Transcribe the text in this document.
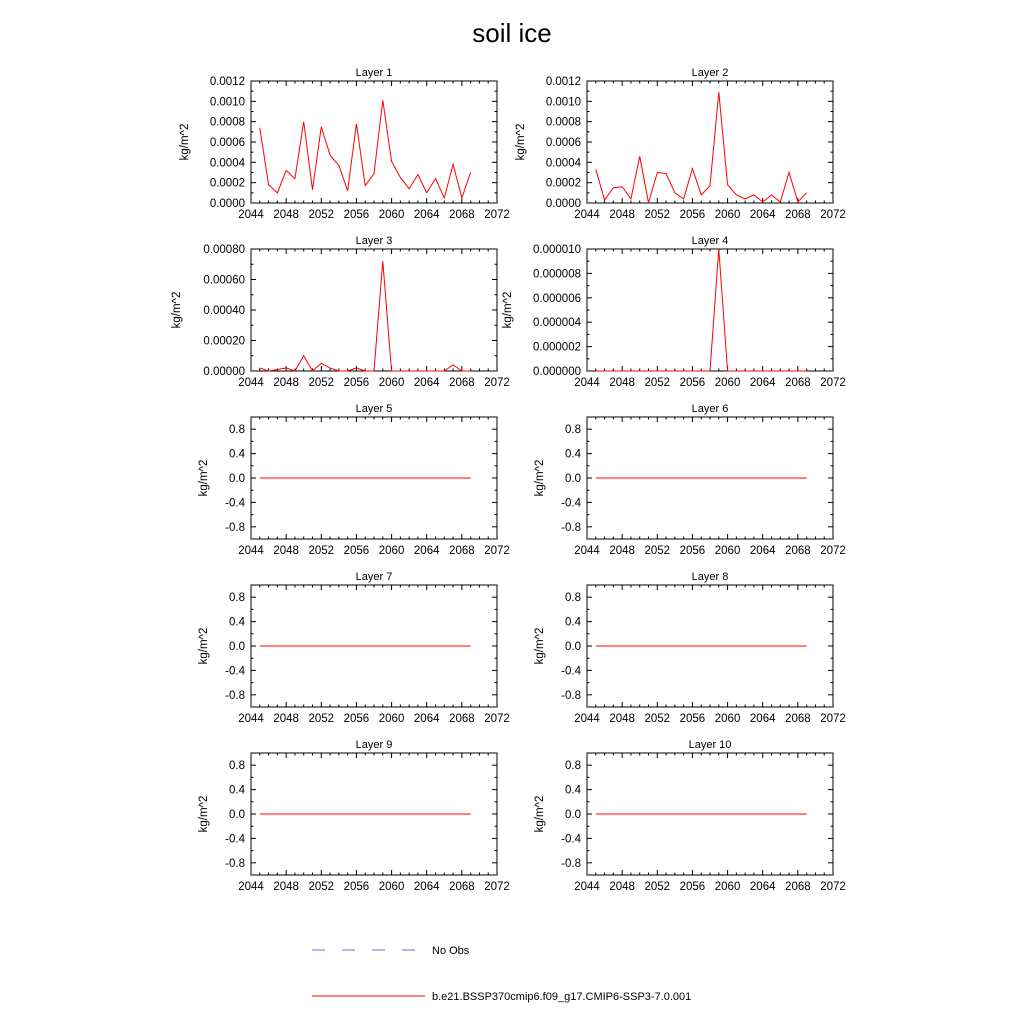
soil ice
Layer 1
2044 2048 2052 2056 2060 2064 2068 2072
0.0000
0.0002
0.0004
0.0006
0.0008
0.0010
0.0012
kg/m^2
Layer 2
2044 2048 2052 2056 2060 2064 2068 2072
0.0000
0.0002
0.0004
0.0006
0.0008
0.0010
0.0012
kg/m^2
Layer 3
2044 2048 2052 2056 2060 2064 2068 2072
0.00000
0.00020
0.00040
0.00060
0.00080
kg/m^2
Layer 4
2044 2048 2052 2056 2060 2064 2068 2072
0.000000
0.000002
0.000004
0.000006
0.000008
0.000010
kg/m^2
Layer 5
2044 2048 2052 2056 2060 2064 2068 2072
-0.8
-0.4
0.0
0.4
0.8
kg/m^2
Layer 6
2044 2048 2052 2056 2060 2064 2068 2072
-0.8
-0.4
0.0
0.4
0.8
kg/m^2
Layer 7
2044 2048 2052 2056 2060 2064 2068 2072
-0.8
-0.4
0.0
0.4
0.8
kg/m^2
Layer 8
2044 2048 2052 2056 2060 2064 2068 2072
-0.8
-0.4
0.0
0.4
0.8
kg/m^2
Layer 9
2044 2048 2052 2056 2060 2064 2068 2072
-0.8
-0.4
0.0
0.4
0.8
kg/m^2
Layer 10
2044 2048 2052 2056 2060 2064 2068 2072
-0.8
-0.4
0.0
0.4
0.8
kg/m^2
No Obs
b.e21.BSSP370cmip6.f09_g17.CMIP6-SSP3-7.0.001
